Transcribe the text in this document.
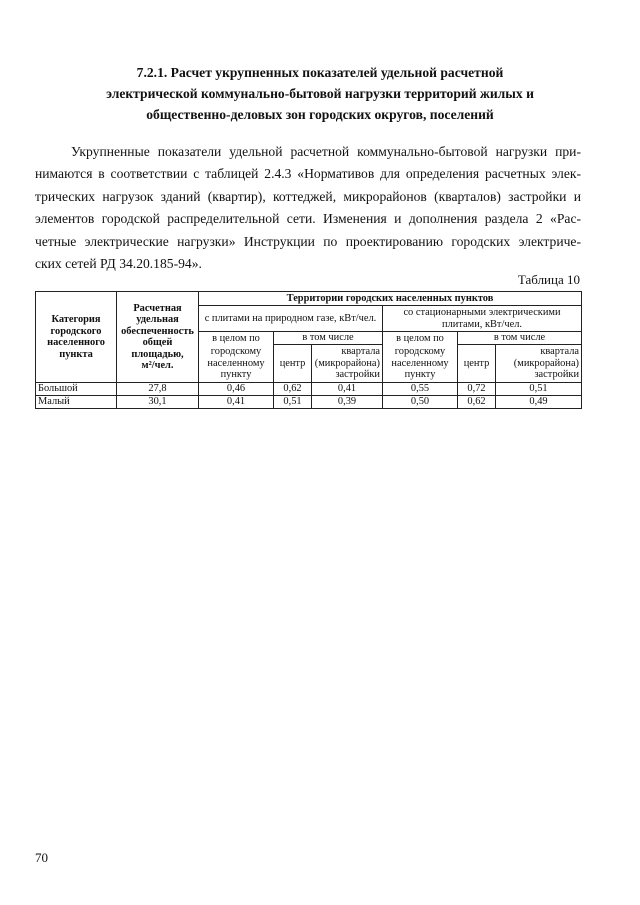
7.2.1. Расчет укрупненных показателей удельной расчетной
электрической коммунально-бытовой нагрузки территорий жилых и
общественно-деловых зон городских округов, поселений
Укрупненные показатели удельной расчетной коммунально-бытовой нагрузки при-
нимаются в соответствии с таблицей 2.4.3 «Нормативов для определения расчетных элек-
трических нагрузок зданий (квартир), коттеджей, микрорайонов (кварталов) застройки и
элементов городской распределительной сети. Изменения и дополнения раздела 2 «Рас-
четные электрические нагрузки» Инструкции по проектированию городских электриче-
ских сетей РД 34.20.185-94».
Таблица 10
Категория городского населенного пункта	Расчетная удельная обеспеченность общей площадью,
м²/чел.	Территории городских населенных пунктов					
		с плитами на природном газе, кВт/чел.			со стационарными электрическими плитами, кВт/чел.		
		в целом по	в том числе		в целом по	в том числе	
		городскому населенному пункту	центр	квартала (микрорайона) застройки	городскому населенному пункту	центр	квартала (микрорайона) застройки
Большой	27,8	0,46	0,62	0,41	0,55	0,72	0,51
Малый	30,1	0,41	0,51	0,39	0,50	0,62	0,49
70
